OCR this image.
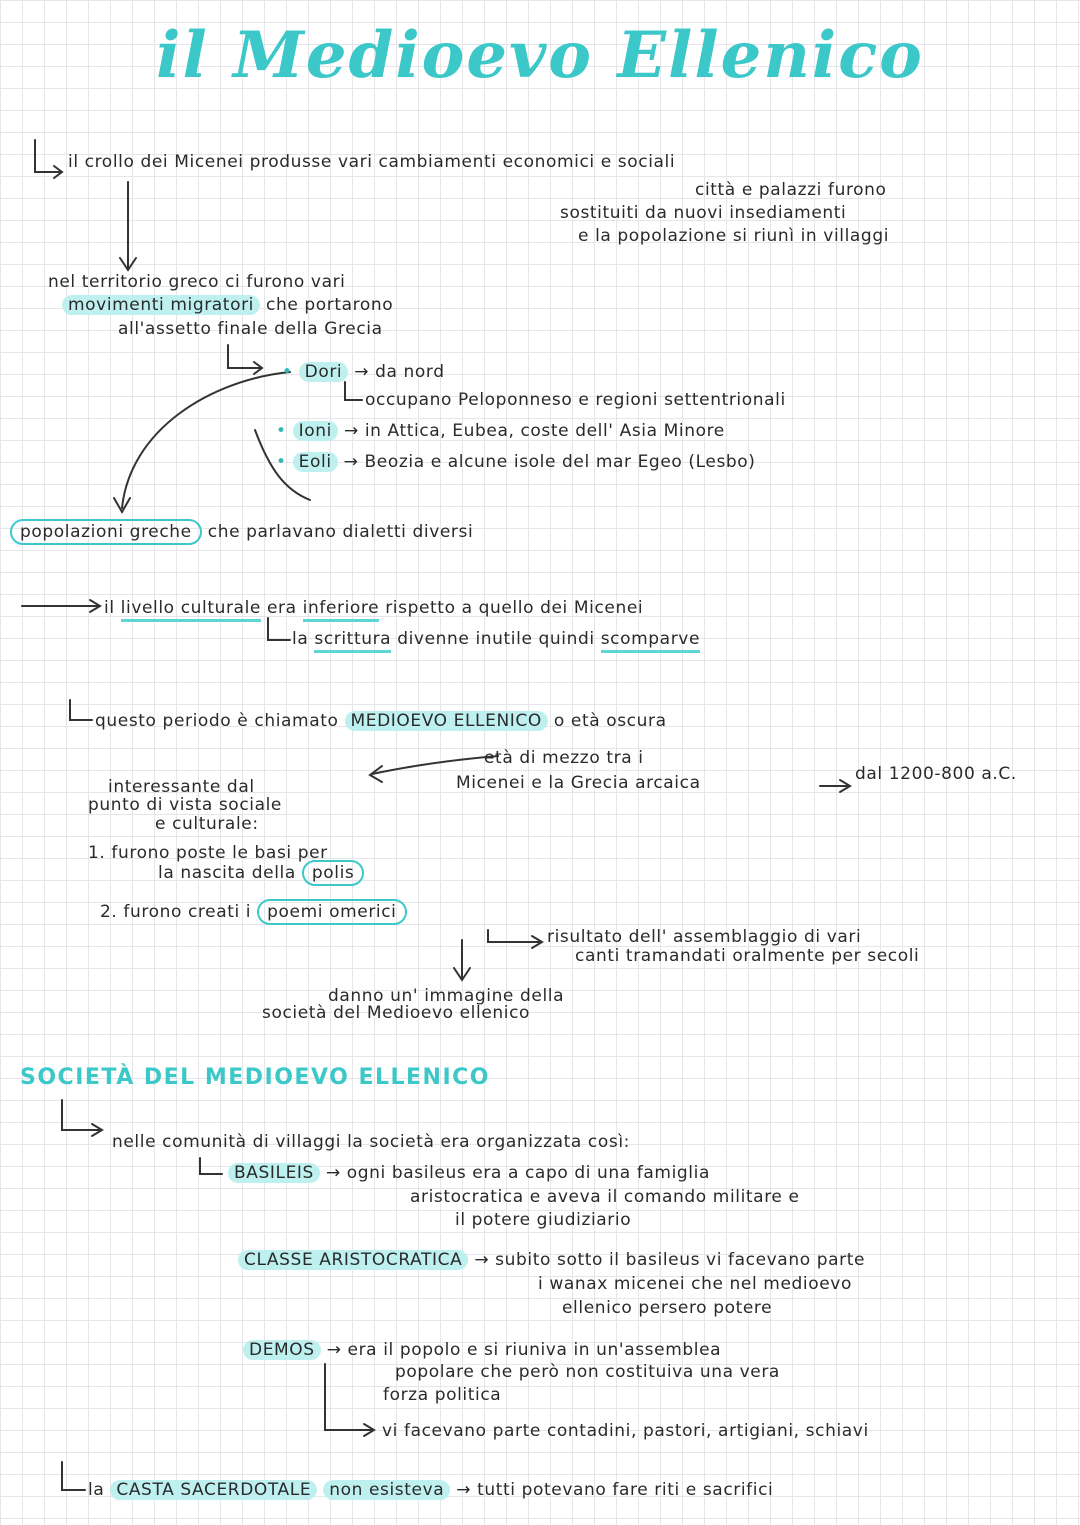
il Medioevo Ellenico
il crollo dei Micenei produsse vari cambiamenti economici e sociali
città e palazzi furono
sostituiti da nuovi insediamenti
e la popolazione si riunì in villaggi
nel territorio greco ci furono vari
movimenti migratori che portarono
all'assetto finale della Grecia
• Dori → da nord
occupano Peloponneso e regioni settentrionali
• Ioni → in Attica, Eubea, coste dell' Asia Minore
• Eoli → Beozia e alcune isole del mar Egeo (Lesbo)
popolazioni greche che parlavano dialetti diversi
il livello culturale era inferiore rispetto a quello dei Micenei
la scrittura divenne inutile quindi scomparve
questo periodo è chiamato MEDIOEVO ELLENICO o età oscura
età di mezzo tra i
Micenei e la Grecia arcaica	dal 1200-800 a.C.
interessante dal
punto di vista sociale
e culturale:
1. furono poste le basi per
la nascita della polis
2. furono creati i poemi omerici
risultato dell' assemblaggio di vari
canti tramandati oralmente per secoli
danno un' immagine della
società del Medioevo ellenico
SOCIETÀ DEL MEDIOEVO ELLENICO
nelle comunità di villaggi la società era organizzata così:
BASILEIS → ogni basileus era a capo di una famiglia
aristocratica e aveva il comando militare e
il potere giudiziario
CLASSE ARISTOCRATICA → subito sotto il basileus vi facevano parte
i wanax micenei che nel medioevo
ellenico persero potere
DEMOS → era il popolo e si riuniva in un'assemblea
popolare che però non costituiva una vera
forza politica
vi facevano parte contadini, pastori, artigiani, schiavi
la CASTA SACERDOTALE non esisteva → tutti potevano fare riti e sacrifici
